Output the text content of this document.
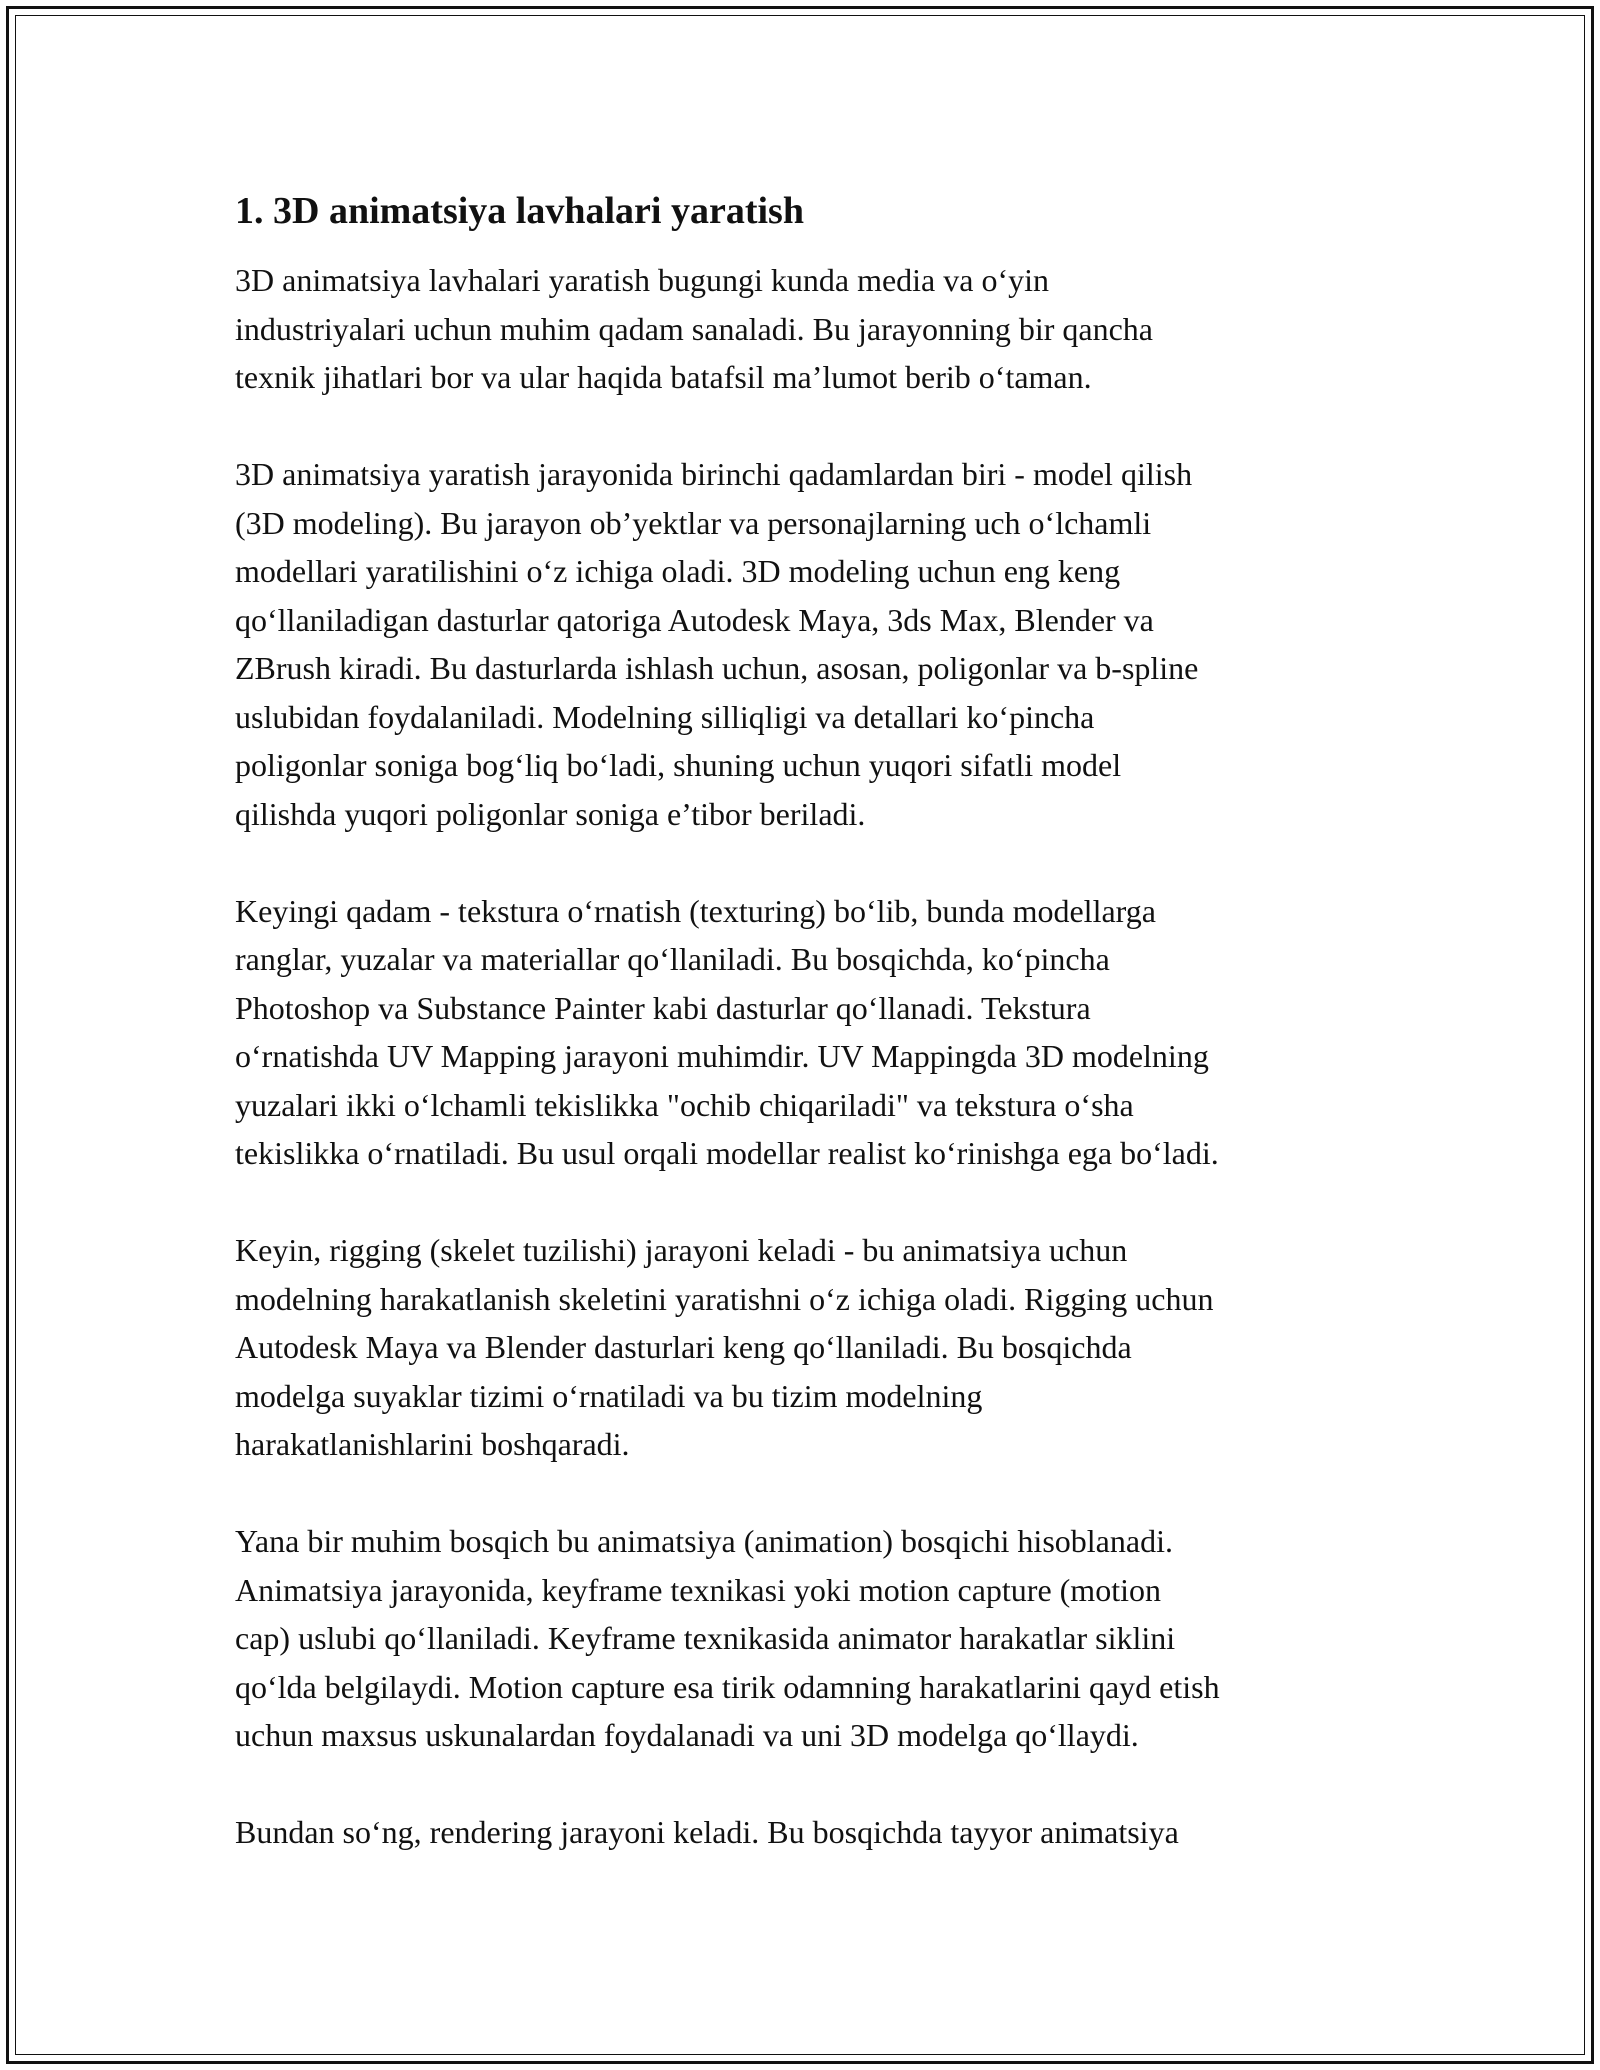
1. 3D animatsiya lavhalari yaratish

3D animatsiya lavhalari yaratish bugungi kunda media va o‘yin
industriyalari uchun muhim qadam sanaladi. Bu jarayonning bir qancha
texnik jihatlari bor va ular haqida batafsil ma’lumot berib o‘taman.

3D animatsiya yaratish jarayonida birinchi qadamlardan biri - model qilish
(3D modeling). Bu jarayon ob’yektlar va personajlarning uch o‘lchamli
modellari yaratilishini o‘z ichiga oladi. 3D modeling uchun eng keng
qo‘llaniladigan dasturlar qatoriga Autodesk Maya, 3ds Max, Blender va
ZBrush kiradi. Bu dasturlarda ishlash uchun, asosan, poligonlar va b-spline
uslubidan foydalaniladi. Modelning silliqligi va detallari ko‘pincha
poligonlar soniga bog‘liq bo‘ladi, shuning uchun yuqori sifatli model
qilishda yuqori poligonlar soniga e’tibor beriladi.

Keyingi qadam - tekstura o‘rnatish (texturing) bo‘lib, bunda modellarga
ranglar, yuzalar va materiallar qo‘llaniladi. Bu bosqichda, ko‘pincha
Photoshop va Substance Painter kabi dasturlar qo‘llanadi. Tekstura
o‘rnatishda UV Mapping jarayoni muhimdir. UV Mappingda 3D modelning
yuzalari ikki o‘lchamli tekislikka "ochib chiqariladi" va tekstura o‘sha
tekislikka o‘rnatiladi. Bu usul orqali modellar realist ko‘rinishga ega bo‘ladi.

Keyin, rigging (skelet tuzilishi) jarayoni keladi - bu animatsiya uchun
modelning harakatlanish skeletini yaratishni o‘z ichiga oladi. Rigging uchun
Autodesk Maya va Blender dasturlari keng qo‘llaniladi. Bu bosqichda
modelga suyaklar tizimi o‘rnatiladi va bu tizim modelning
harakatlanishlarini boshqaradi.

Yana bir muhim bosqich bu animatsiya (animation) bosqichi hisoblanadi.
Animatsiya jarayonida, keyframe texnikasi yoki motion capture (motion
cap) uslubi qo‘llaniladi. Keyframe texnikasida animator harakatlar siklini
qo‘lda belgilaydi. Motion capture esa tirik odamning harakatlarini qayd etish
uchun maxsus uskunalardan foydalanadi va uni 3D modelga qo‘llaydi.

Bundan so‘ng, rendering jarayoni keladi. Bu bosqichda tayyor animatsiya
